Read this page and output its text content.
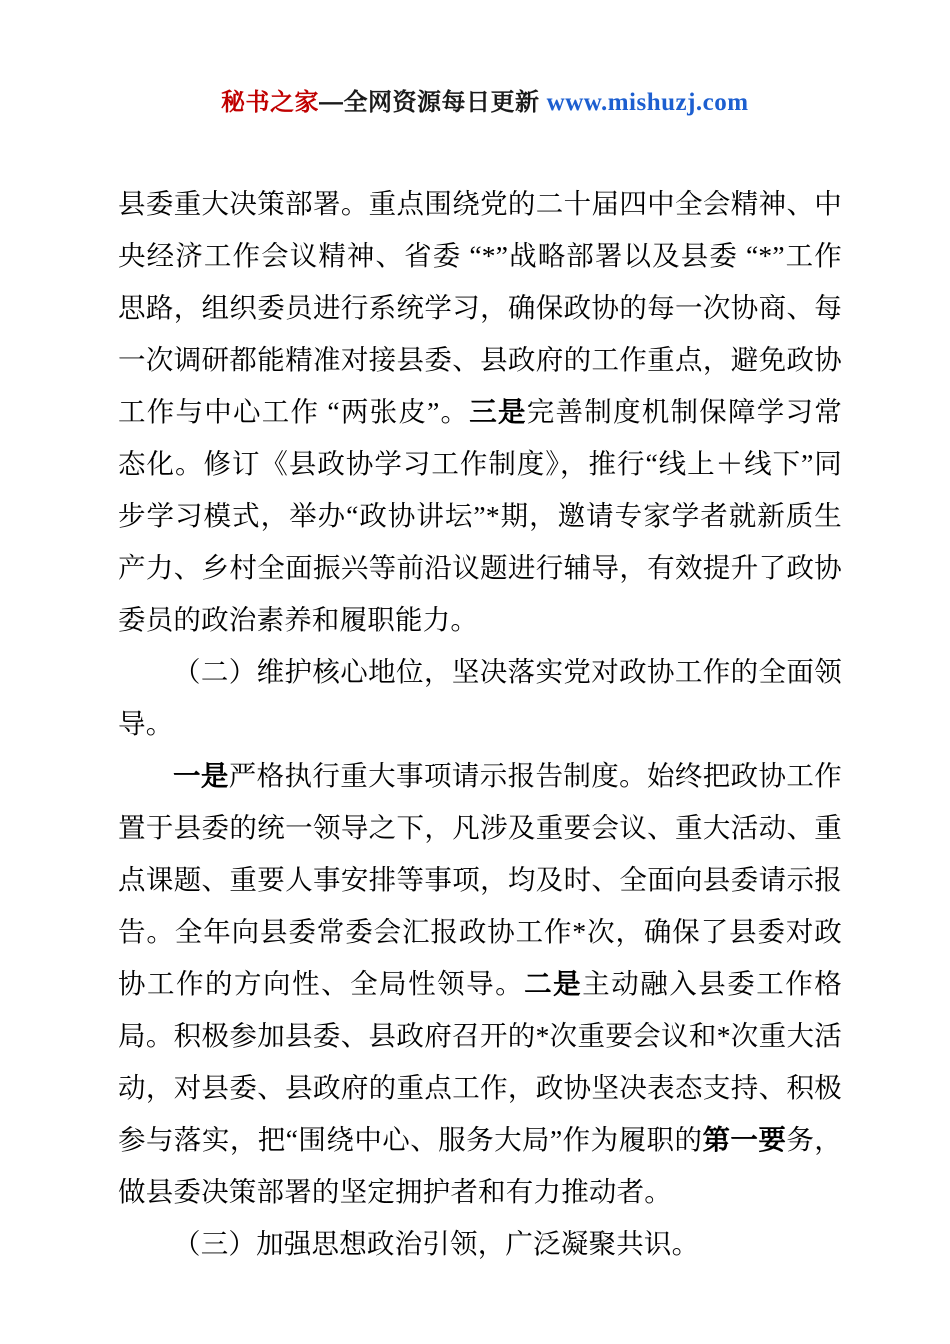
秘书之家—全网资源每日更新 www.mishuzj.com

县委重大决策部署。重点围绕党的二十届四中全会精神、中央经济工作会议精神、省委 “*”战略部署以及县委 “*”工作思路，组织委员进行系统学习，确保政协的每一次协商、每一次调研都能精准对接县委、县政府的工作重点，避免政协工作与中心工作 “两张皮”。三是完善制度机制保障学习常态化。修订《县政协学习工作制度》，推行“线上＋线下”同步学习模式，举办“政协讲坛”*期，邀请专家学者就新质生产力、乡村全面振兴等前沿议题进行辅导，有效提升了政协委员的政治素养和履职能力。

（二）维护核心地位，坚决落实党对政协工作的全面领导。

一是严格执行重大事项请示报告制度。始终把政协工作置于县委的统一领导之下，凡涉及重要会议、重大活动、重点课题、重要人事安排等事项，均及时、全面向县委请示报告。全年向县委常委会汇报政协工作*次，确保了县委对政协工作的方向性、全局性领导。二是主动融入县委工作格局。积极参加县委、县政府召开的*次重要会议和*次重大活动，对县委、县政府的重点工作，政协坚决表态支持、积极参与落实，把“围绕中心、服务大局”作为履职的第一要务，做县委决策部署的坚定拥护者和有力推动者。

（三）加强思想政治引领，广泛凝聚共识。
